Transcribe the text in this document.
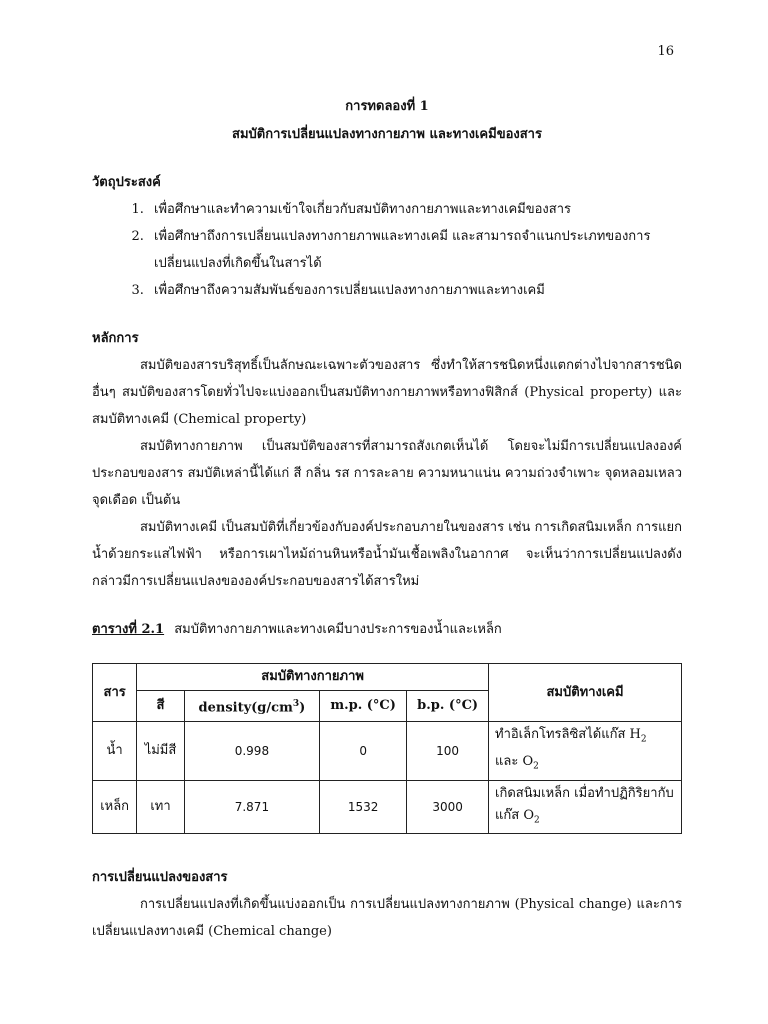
16

การทดลองที่ 1

สมบัติการเปลี่ยนแปลงทางกายภาพ และทางเคมีของสาร

วัตถุประสงค์

1. เพื่อศึกษาและทำความเข้าใจเกี่ยวกับสมบัติทางกายภาพและทางเคมีของสาร
2. เพื่อศึกษาถึงการเปลี่ยนแปลงทางกายภาพและทางเคมี และสามารถจำแนกประเภทของการเปลี่ยนแปลงที่เกิดขึ้นในสารได้
3. เพื่อศึกษาถึงความสัมพันธ์ของการเปลี่ยนแปลงทางกายภาพและทางเคมี

หลักการ

สมบัติของสารบริสุทธิ์เป็นลักษณะเฉพาะตัวของสาร ซึ่งทำให้สารชนิดหนึ่งแตกต่างไปจากสารชนิดอื่นๆ สมบัติของสารโดยทั่วไปจะแบ่งออกเป็นสมบัติทางกายภาพหรือทางฟิสิกส์ (Physical property) และสมบัติทางเคมี (Chemical property)

สมบัติทางกายภาพ เป็นสมบัติของสารที่สามารถสังเกตเห็นได้ โดยจะไม่มีการเปลี่ยนแปลงองค์ประกอบของสาร สมบัติเหล่านี้ได้แก่ สี กลิ่น รส การละลาย ความหนาแน่น ความถ่วงจำเพาะ จุดหลอมเหลว จุดเดือด เป็นต้น

สมบัติทางเคมี เป็นสมบัติที่เกี่ยวข้องกับองค์ประกอบภายในของสาร เช่น การเกิดสนิมเหล็ก การแยกน้ำด้วยกระแสไฟฟ้า หรือการเผาไหม้ถ่านหินหรือน้ำมันเชื้อเพลิงในอากาศ จะเห็นว่าการเปลี่ยนแปลงดังกล่าวมีการเปลี่ยนแปลงขององค์ประกอบของสารได้สารใหม่

ตารางที่ 2.1 สมบัติทางกายภาพและทางเคมีบางประการของน้ำและเหล็ก

สาร	สมบัติทางกายภาพ				สมบัติทางเคมี
	สี	$density(g/cm^3)$	m.p. (°C)	b.p. (°C)	
น้ำ	ไม่มีสี	0.998	0	100	ทำอิเล็กโทรลิซิสได้แก๊ส $H_2$
และ $O_2$
เหล็ก	เทา	7.871	1532	3000	เกิดสนิมเหล็ก เมื่อทำปฏิกิริยากับแก๊ส $O_2$

การเปลี่ยนแปลงของสาร

การเปลี่ยนแปลงที่เกิดขึ้นแบ่งออกเป็น การเปลี่ยนแปลงทางกายภาพ (Physical change) และการเปลี่ยนแปลงทางเคมี (Chemical change)
